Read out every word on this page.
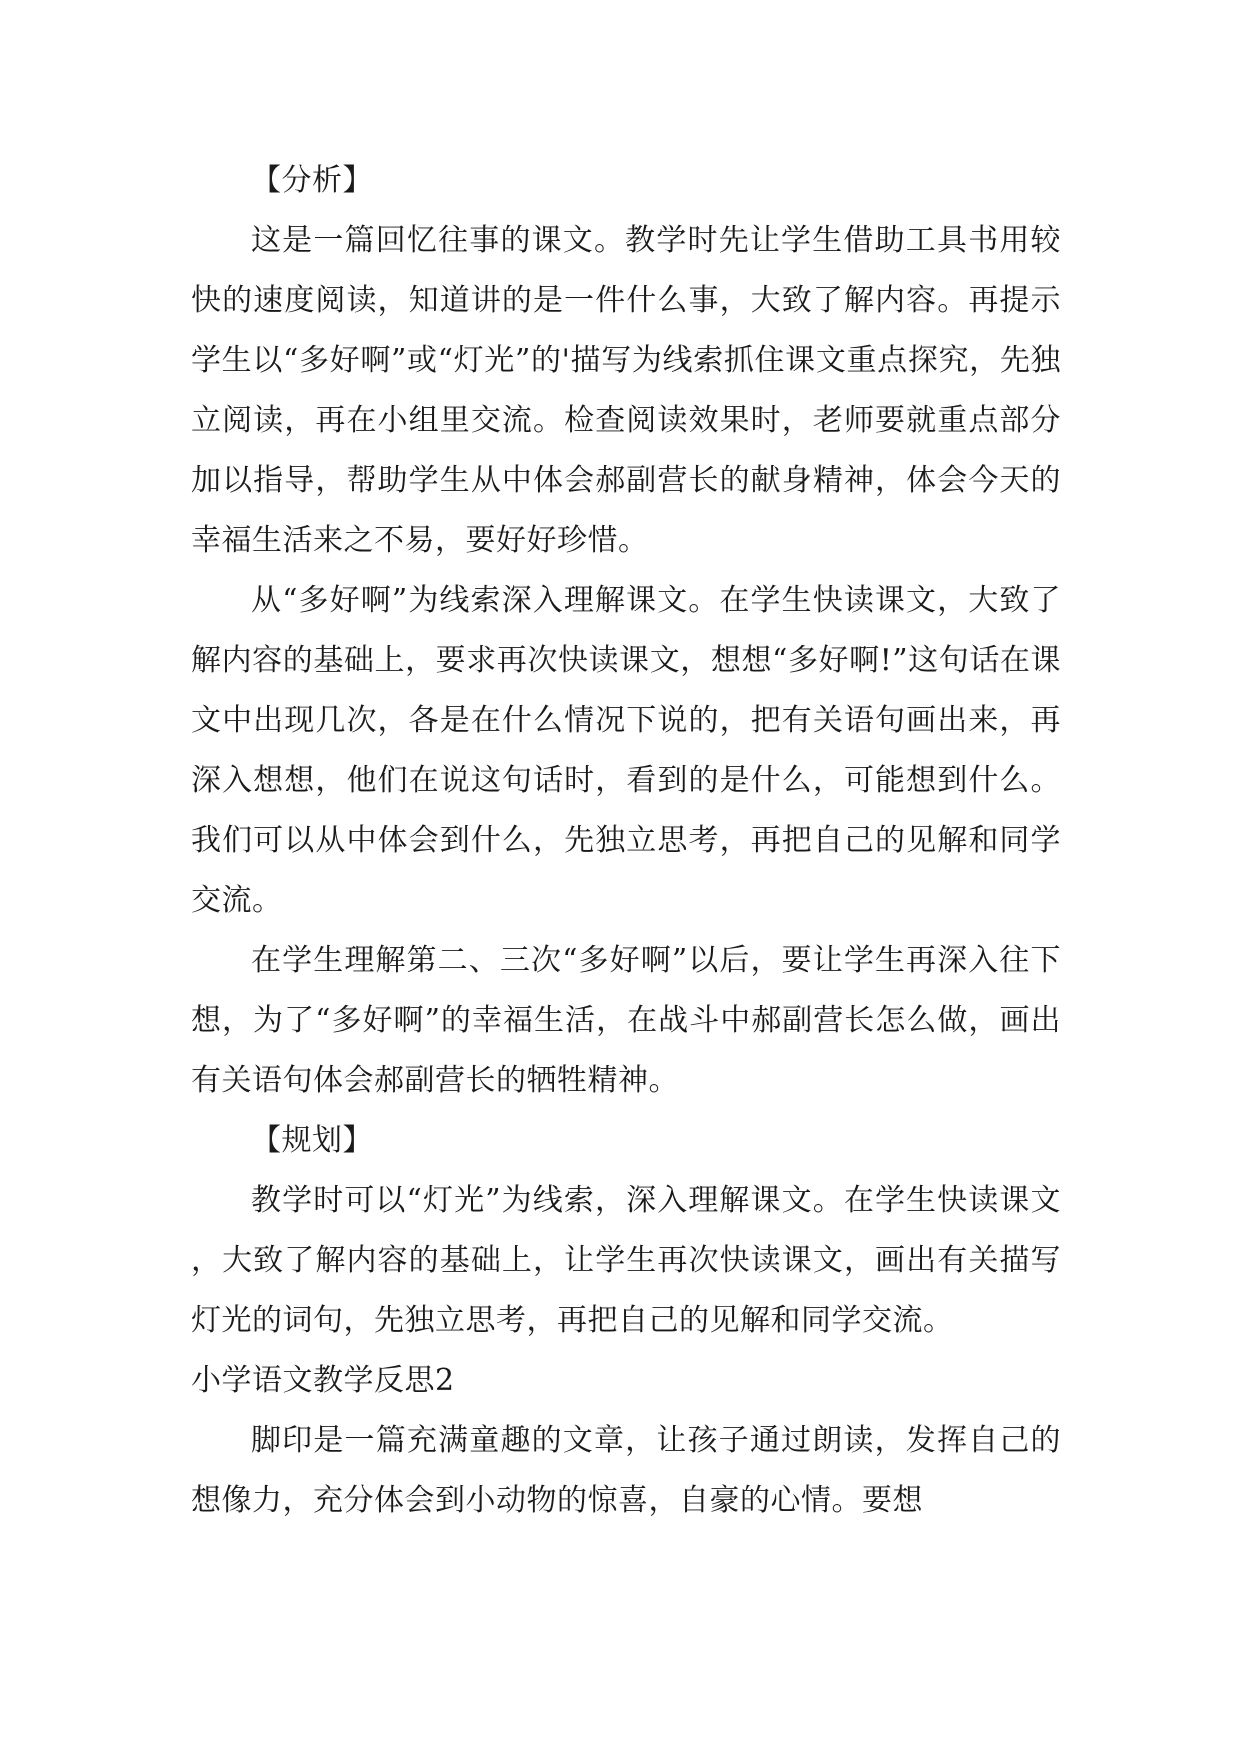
【分析】

这是一篇回忆往事的课文。教学时先让学生借助工具书用较快的速度阅读，知道讲的是一件什么事，大致了解内容。再提示学生以“多好啊”或“灯光”的'描写为线索抓住课文重点探究，先独立阅读，再在小组里交流。检查阅读效果时，老师要就重点部分加以指导，帮助学生从中体会郝副营长的献身精神，体会今天的幸福生活来之不易，要好好珍惜。

从“多好啊”为线索深入理解课文。在学生快读课文，大致了解内容的基础上，要求再次快读课文，想想“多好啊!”这句话在课文中出现几次，各是在什么情况下说的，把有关语句画出来，再深入想想，他们在说这句话时，看到的是什么，可能想到什么。我们可以从中体会到什么，先独立思考，再把自己的见解和同学交流。

在学生理解第二、三次“多好啊”以后，要让学生再深入往下想，为了“多好啊”的幸福生活，在战斗中郝副营长怎么做，画出有关语句体会郝副营长的牺牲精神。

【规划】

教学时可以“灯光”为线索，深入理解课文。在学生快读课文，大致了解内容的基础上，让学生再次快读课文，画出有关描写灯光的词句，先独立思考，再把自己的见解和同学交流。

小学语文教学反思2

脚印是一篇充满童趣的文章，让孩子通过朗读，发挥自己的想像力，充分体会到小动物的惊喜，自豪的心情。要想
